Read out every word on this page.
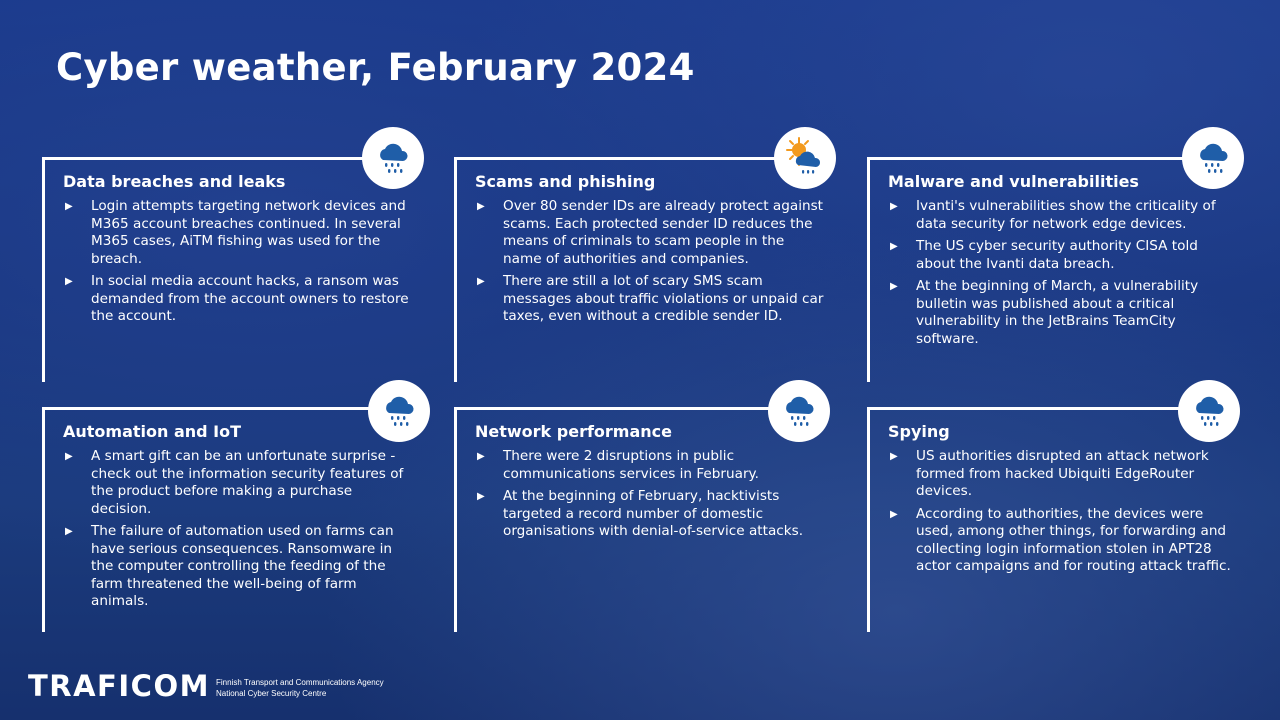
Cyber weather, February 2024
Data breaches and leaks
▶ Login attempts targeting network devices and M365 account breaches continued. In several M365 cases, AiTM fishing was used for the breach.
▶ In social media account hacks, a ransom was demanded from the account owners to restore the account.
Scams and phishing
▶ Over 80 sender IDs are already protect against scams. Each protected sender ID reduces the means of criminals to scam people in the name of authorities and companies.
▶ There are still a lot of scary SMS scam messages about traffic violations or unpaid car taxes, even without a credible sender ID.
Malware and vulnerabilities
▶ Ivanti's vulnerabilities show the criticality of data security for network edge devices.
▶ The US cyber security authority CISA told about the Ivanti data breach.
▶ At the beginning of March, a vulnerability bulletin was published about a critical vulnerability in the JetBrains TeamCity software.
Automation and IoT
▶ A smart gift can be an unfortunate surprise - check out the information security features of the product before making a purchase decision.
▶ The failure of automation used on farms can have serious consequences. Ransomware in the computer controlling the feeding of the farm threatened the well-being of farm animals.
Network performance
▶ There were 2 disruptions in public communications services in February.
▶ At the beginning of February, hacktivists targeted a record number of domestic organisations with denial-of-service attacks.
Spying
▶ US authorities disrupted an attack network formed from hacked Ubiquiti EdgeRouter devices.
▶ According to authorities, the devices were used, among other things, for forwarding and collecting login information stolen in APT28 actor campaigns and for routing attack traffic.
TRAFICOM Finnish Transport and Communications Agency
National Cyber Security Centre
